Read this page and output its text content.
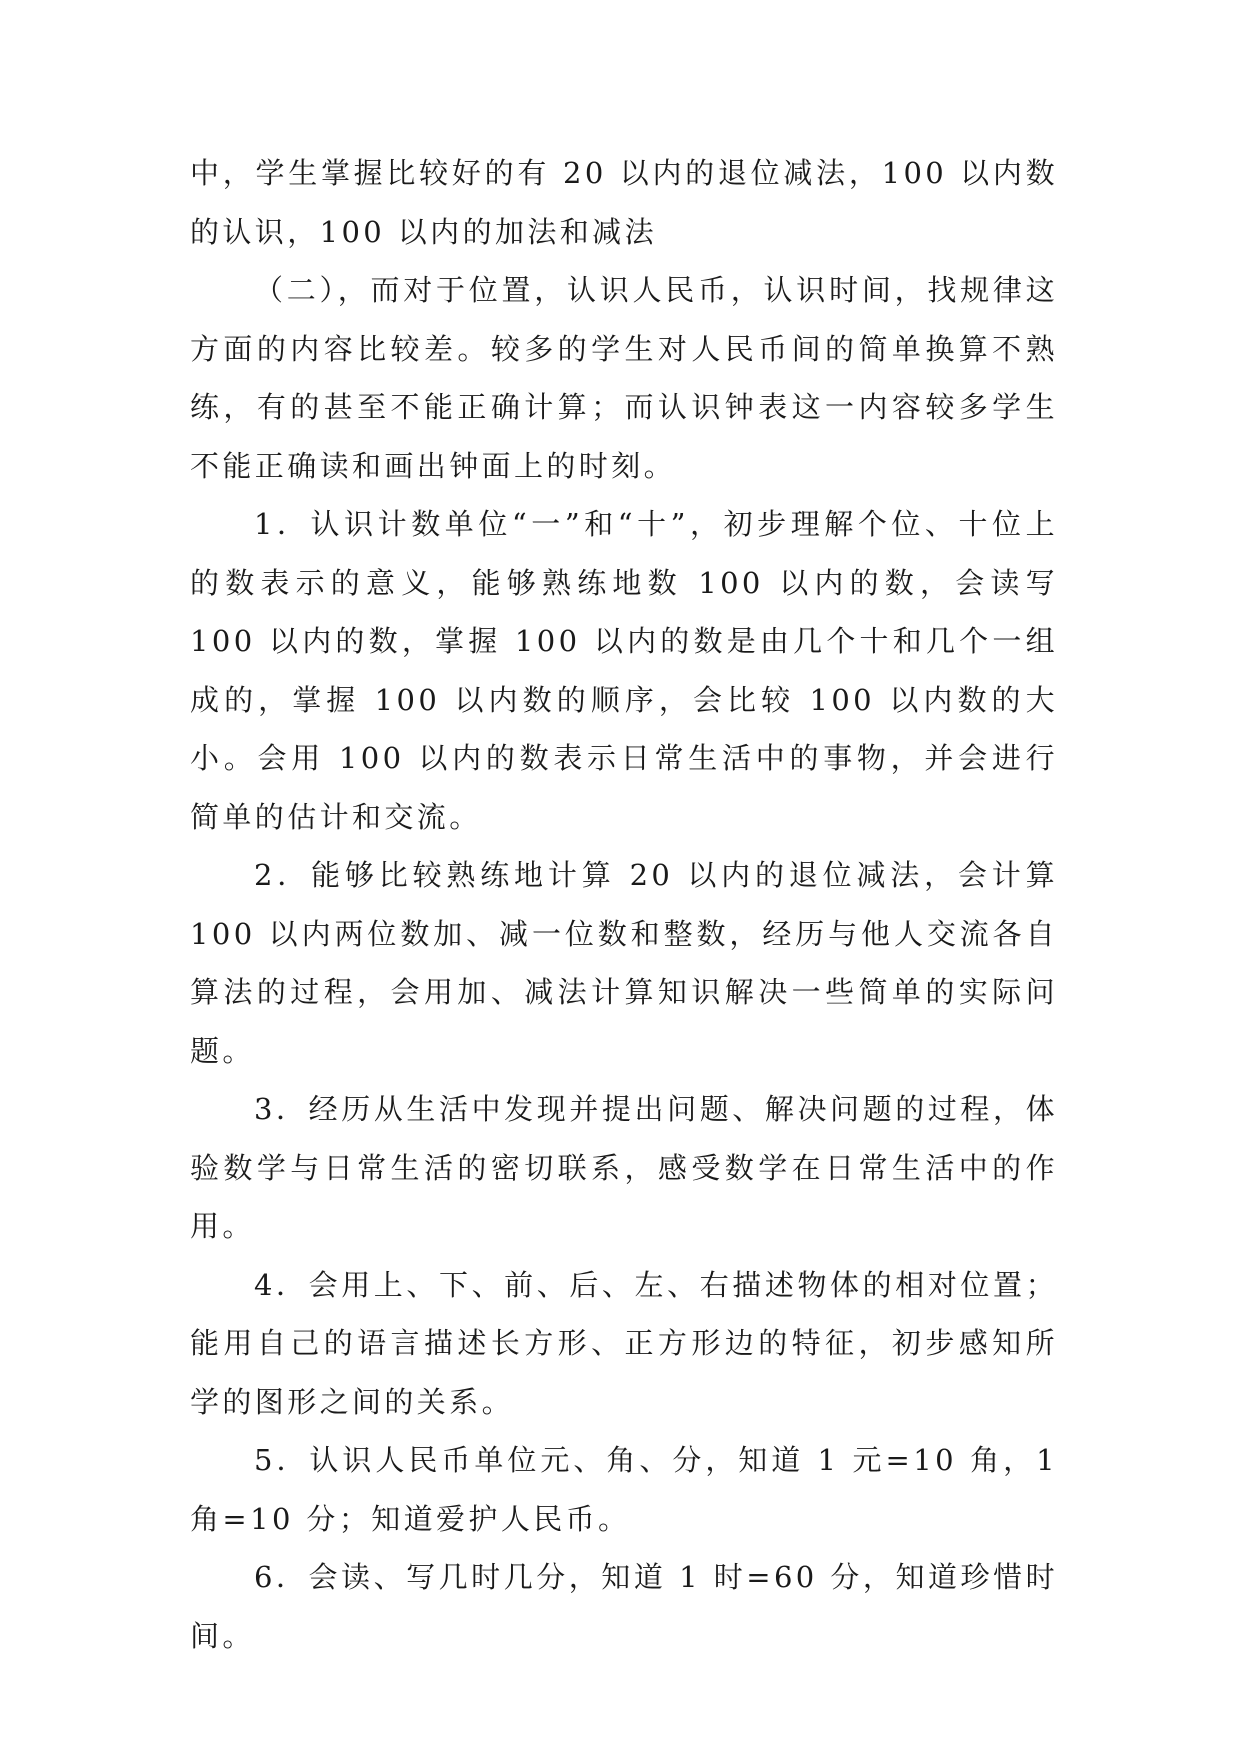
中，学生掌握比较好的有 20 以内的退位减法，100 以内数的认识，100 以内的加法和减法

（二），而对于位置，认识人民币，认识时间，找规律这方面的内容比较差。较多的学生对人民币间的简单换算不熟练，有的甚至不能正确计算；而认识钟表这一内容较多学生不能正确读和画出钟面上的时刻。

1．认识计数单位“一”和“十”，初步理解个位、十位上的数表示的意义，能够熟练地数 100 以内的数，会读写 100 以内的数，掌握 100 以内的数是由几个十和几个一组成的，掌握 100 以内数的顺序，会比较 100 以内数的大小。会用 100 以内的数表示日常生活中的事物，并会进行简单的估计和交流。

2．能够比较熟练地计算 20 以内的退位减法，会计算 100 以内两位数加、减一位数和整数，经历与他人交流各自算法的过程，会用加、减法计算知识解决一些简单的实际问题。

3．经历从生活中发现并提出问题、解决问题的过程，体验数学与日常生活的密切联系，感受数学在日常生活中的作用。

4．会用上、下、前、后、左、右描述物体的相对位置；能用自己的语言描述长方形、正方形边的特征，初步感知所学的图形之间的关系。

5．认识人民币单位元、角、分，知道 1 元=10 角，1 角=10 分；知道爱护人民币。

6．会读、写几时几分，知道 1 时=60 分，知道珍惜时间。
